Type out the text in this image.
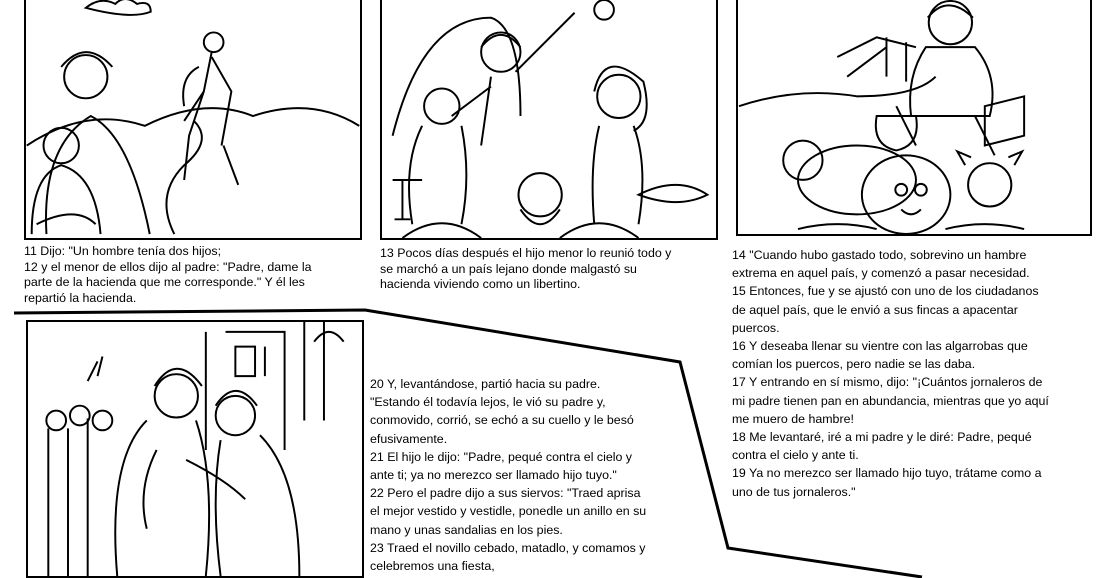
11 Dijo: "Un hombre tenía dos hijos;

12 y el menor de ellos dijo al padre: "Padre, dame la

parte de la hacienda que me corresponde." Y él les

repartió la hacienda.

13 Pocos días después el hijo menor lo reunió todo y

se marchó a un país lejano donde malgastó su

hacienda viviendo como un libertino.

14 "Cuando hubo gastado todo, sobrevino un hambre

extrema en aquel país, y comenzó a pasar necesidad.

15 Entonces, fue y se ajustó con uno de los ciudadanos

de aquel país, que le envió a sus fincas a apacentar

puercos.

16 Y deseaba llenar su vientre con las algarrobas que

comían los puercos, pero nadie se las daba.

17 Y entrando en sí mismo, dijo: "¡Cuántos jornaleros de

mi padre tienen pan en abundancia, mientras que yo aquí

me muero de hambre!

18 Me levantaré, iré a mi padre y le diré: Padre, pequé

contra el cielo y ante ti.

19 Ya no merezco ser llamado hijo tuyo, trátame como a

uno de tus jornaleros."

20 Y, levantándose, partió hacia su padre.

"Estando él todavía lejos, le vió su padre y,

conmovido, corrió, se echó a su cuello y le besó

efusivamente.

21 El hijo le dijo: "Padre, pequé contra el cielo y

ante ti; ya no merezco ser llamado hijo tuyo."

22 Pero el padre dijo a sus siervos: "Traed aprisa

el mejor vestido y vestidle, ponedle un anillo en su

mano y unas sandalias en los pies.

23 Traed el novillo cebado, matadlo, y comamos y

celebremos una fiesta,
